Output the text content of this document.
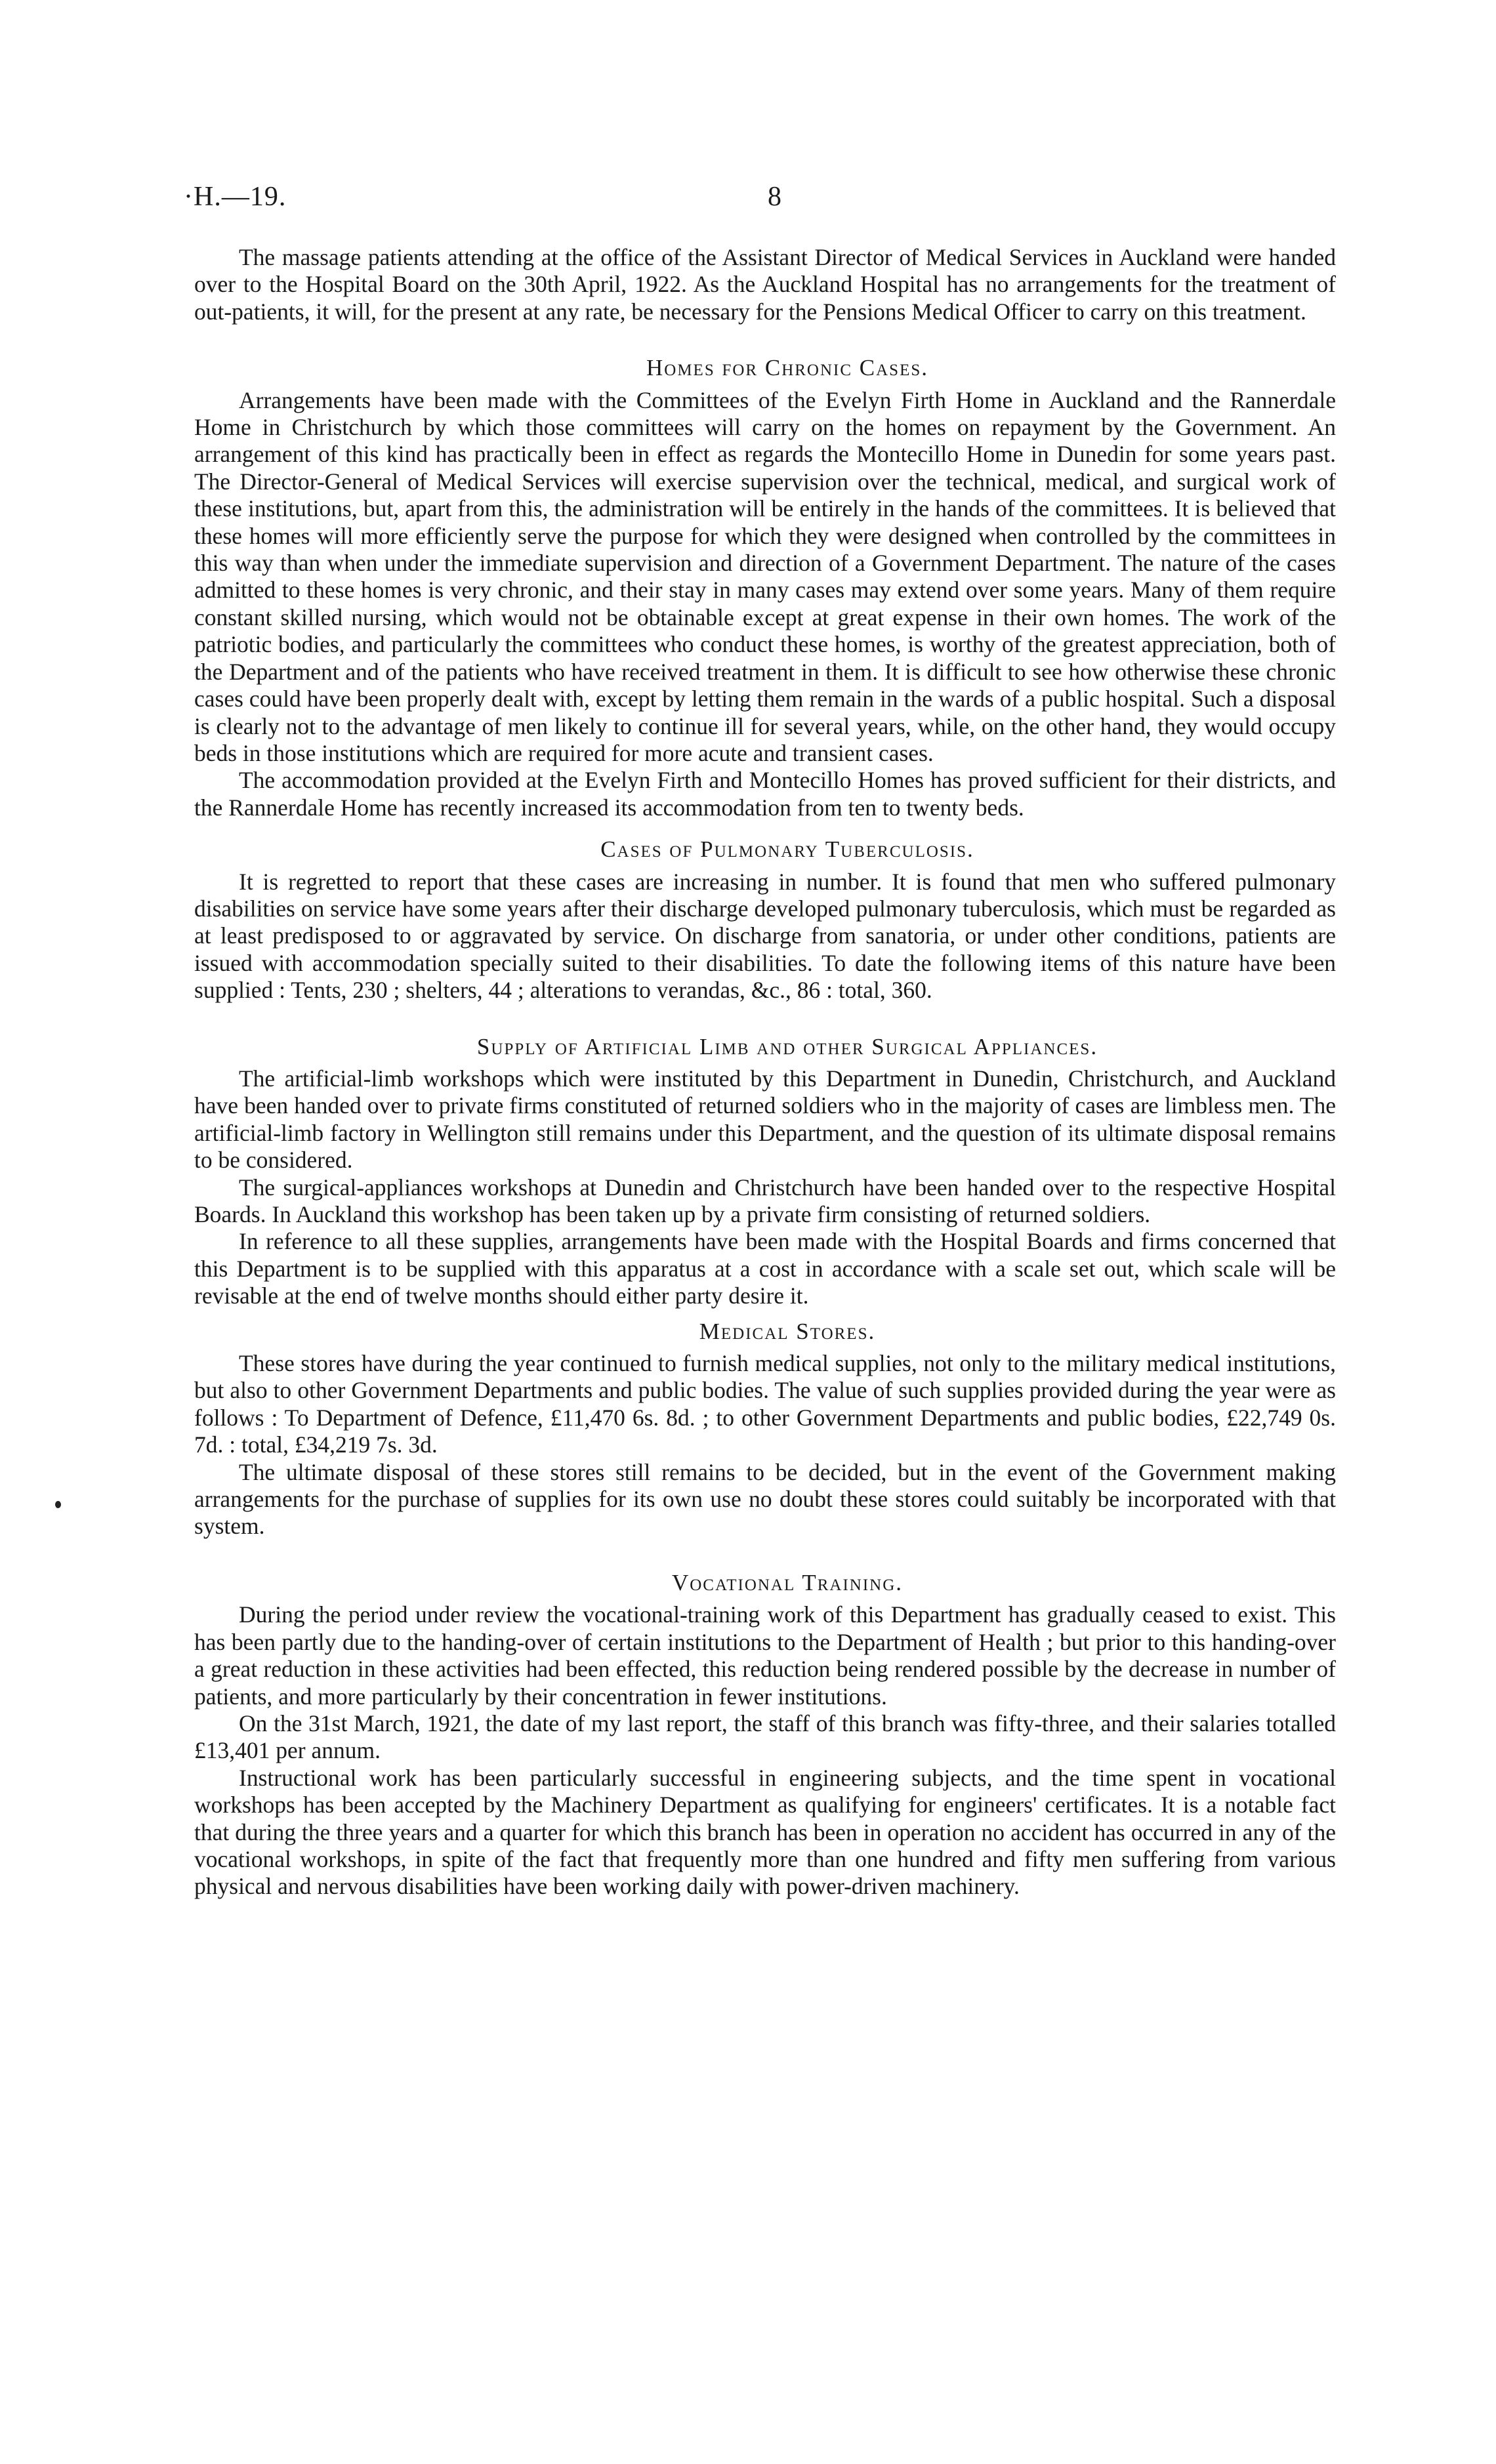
·H.—19.	8

The massage patients attending at the office of the Assistant Director of Medical Services in Auckland were handed over to the Hospital Board on the 30th April, 1922. As the Auckland Hospital has no arrangements for the treatment of out-patients, it will, for the present at any rate, be necessary for the Pensions Medical Officer to carry on this treatment.

Homes for Chronic Cases.

Arrangements have been made with the Committees of the Evelyn Firth Home in Auckland and the Rannerdale Home in Christchurch by which those committees will carry on the homes on repayment by the Government. An arrangement of this kind has practically been in effect as regards the Montecillo Home in Dunedin for some years past. The Director-General of Medical Services will exercise supervision over the technical, medical, and surgical work of these institutions, but, apart from this, the administration will be entirely in the hands of the committees. It is believed that these homes will more efficiently serve the purpose for which they were designed when controlled by the committees in this way than when under the immediate supervision and direction of a Government Department. The nature of the cases admitted to these homes is very chronic, and their stay in many cases may extend over some years. Many of them require constant skilled nursing, which would not be obtainable except at great expense in their own homes. The work of the patriotic bodies, and particularly the committees who conduct these homes, is worthy of the greatest appreciation, both of the Department and of the patients who have received treatment in them. It is difficult to see how otherwise these chronic cases could have been properly dealt with, except by letting them remain in the wards of a public hospital. Such a disposal is clearly not to the advantage of men likely to continue ill for several years, while, on the other hand, they would occupy beds in those institutions which are required for more acute and transient cases.

The accommodation provided at the Evelyn Firth and Montecillo Homes has proved sufficient for their districts, and the Rannerdale Home has recently increased its accommodation from ten to twenty beds.

Cases of Pulmonary Tuberculosis.

It is regretted to report that these cases are increasing in number. It is found that men who suffered pulmonary disabilities on service have some years after their discharge developed pulmonary tuberculosis, which must be regarded as at least predisposed to or aggravated by service. On discharge from sanatoria, or under other conditions, patients are issued with accommodation specially suited to their disabilities. To date the following items of this nature have been supplied : Tents, 230 ; shelters, 44 ; alterations to verandas, &c., 86 : total, 360.

Supply of Artificial Limb and other Surgical Appliances.

The artificial-limb workshops which were instituted by this Department in Dunedin, Christchurch, and Auckland have been handed over to private firms constituted of returned soldiers who in the majority of cases are limbless men. The artificial-limb factory in Wellington still remains under this Department, and the question of its ultimate disposal remains to be considered.

The surgical-appliances workshops at Dunedin and Christchurch have been handed over to the respective Hospital Boards. In Auckland this workshop has been taken up by a private firm consisting of returned soldiers.

In reference to all these supplies, arrangements have been made with the Hospital Boards and firms concerned that this Department is to be supplied with this apparatus at a cost in accordance with a scale set out, which scale will be revisable at the end of twelve months should either party desire it.

Medical Stores.

These stores have during the year continued to furnish medical supplies, not only to the military medical institutions, but also to other Government Departments and public bodies. The value of such supplies provided during the year were as follows : To Department of Defence, £11,470 6s. 8d. ; to other Government Departments and public bodies, £22,749 0s. 7d. : total, £34,219 7s. 3d.

The ultimate disposal of these stores still remains to be decided, but in the event of the Government making arrangements for the purchase of supplies for its own use no doubt these stores could suitably be incorporated with that system.

Vocational Training.

During the period under review the vocational-training work of this Department has gradually ceased to exist. This has been partly due to the handing-over of certain institutions to the Department of Health ; but prior to this handing-over a great reduction in these activities had been effected, this reduction being rendered possible by the decrease in number of patients, and more particularly by their concentration in fewer institutions.

On the 31st March, 1921, the date of my last report, the staff of this branch was fifty-three, and their salaries totalled £13,401 per annum.

Instructional work has been particularly successful in engineering subjects, and the time spent in vocational workshops has been accepted by the Machinery Department as qualifying for engineers' certificates. It is a notable fact that during the three years and a quarter for which this branch has been in operation no accident has occurred in any of the vocational workshops, in spite of the fact that frequently more than one hundred and fifty men suffering from various physical and nervous disabilities have been working daily with power-driven machinery.
